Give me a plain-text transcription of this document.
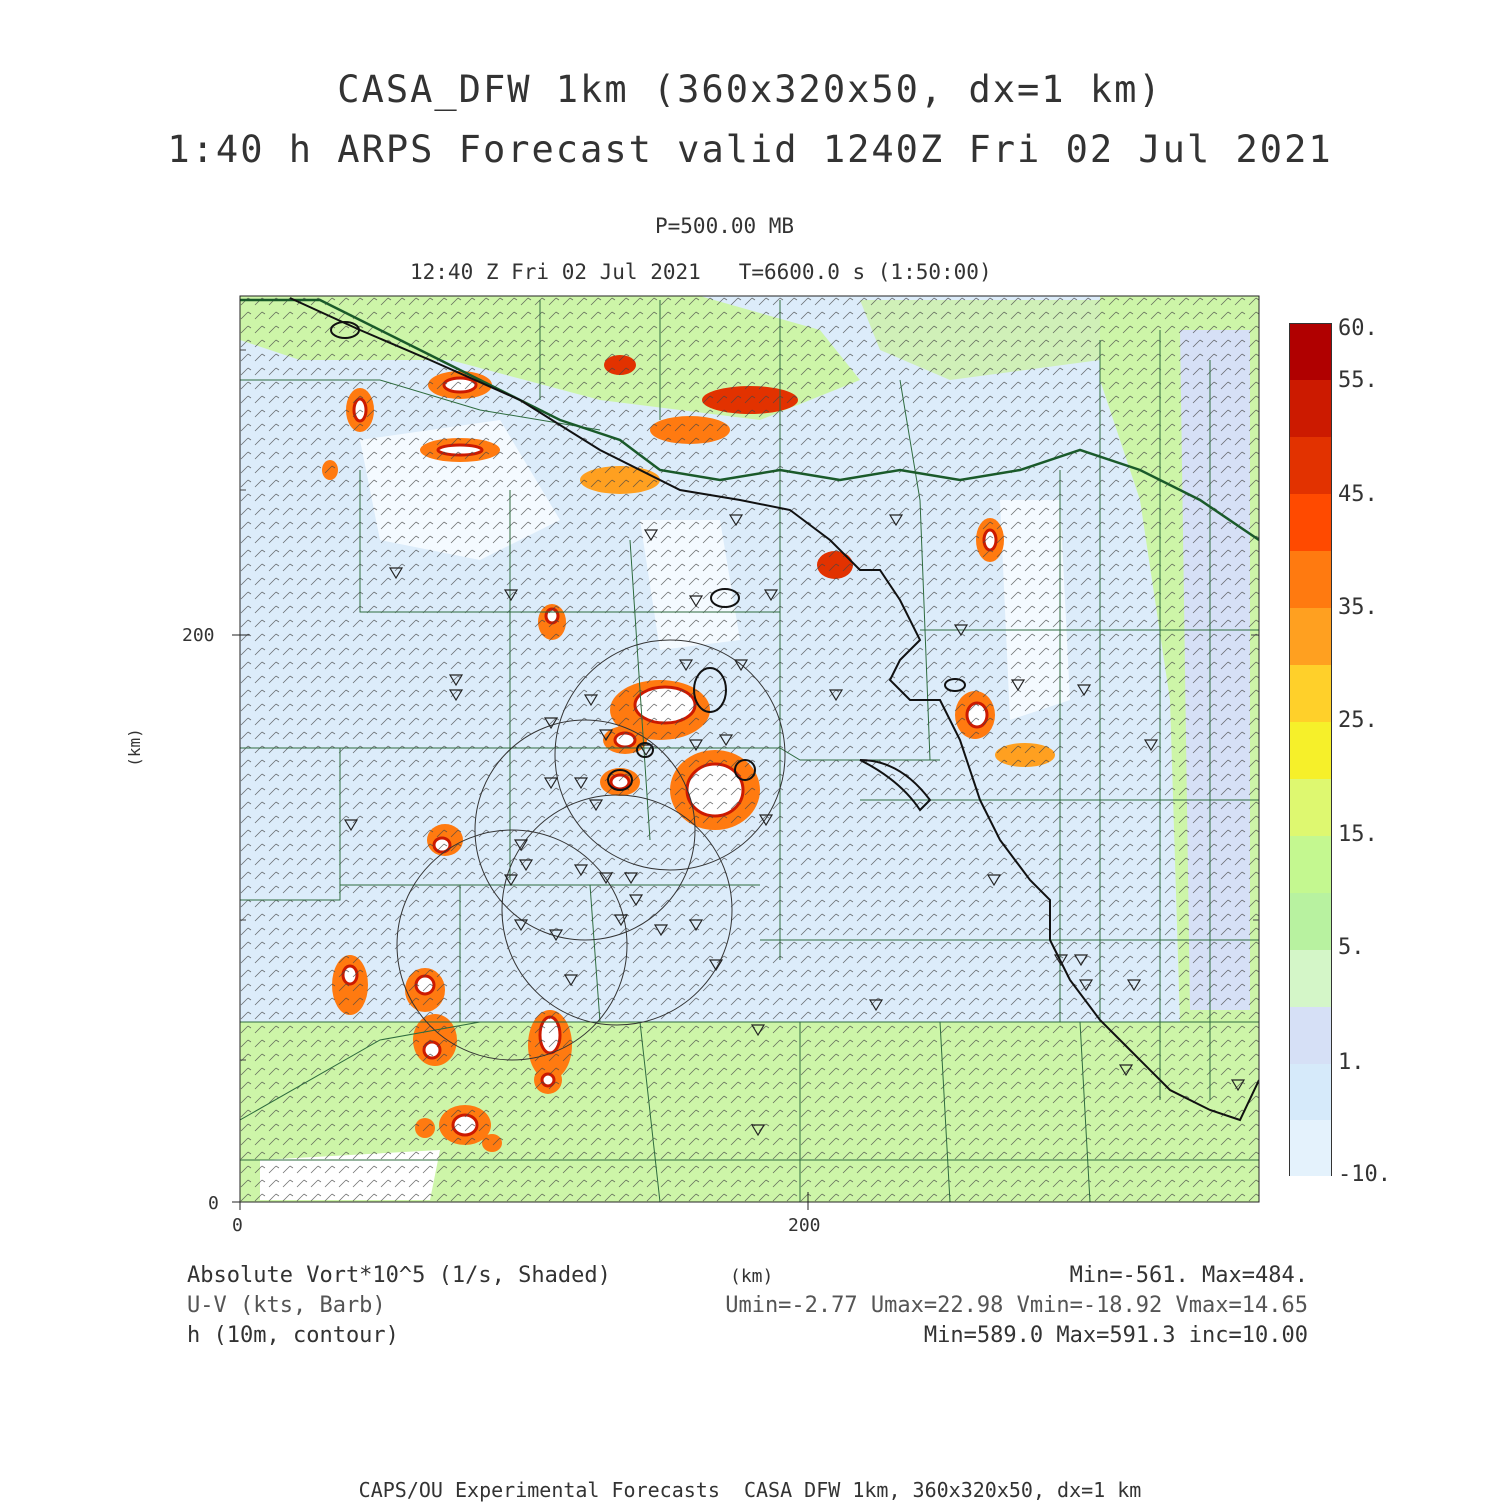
CASA_DFW 1km (360x320x50, dx=1 km)
1:40 h ARPS Forecast valid 1240Z Fri 02 Jul 2021
P=500.00 MB
12:40 Z Fri 02 Jul 2021   T=6600.0 s (1:50:00)
60.
55.
45.
35.
25.
15.
5.
1.
-10.
200
0
0	200
(km)
(km)
Absolute Vort*10^5 (1/s, Shaded)
U-V (kts, Barb)
h (10m, contour)
Min=-561. Max=484.
Umin=-2.77 Umax=22.98 Vmin=-18.92 Vmax=14.65
Min=589.0 Max=591.3 inc=10.00
CAPS/OU Experimental Forecasts  CASA DFW 1km, 360x320x50, dx=1 km
